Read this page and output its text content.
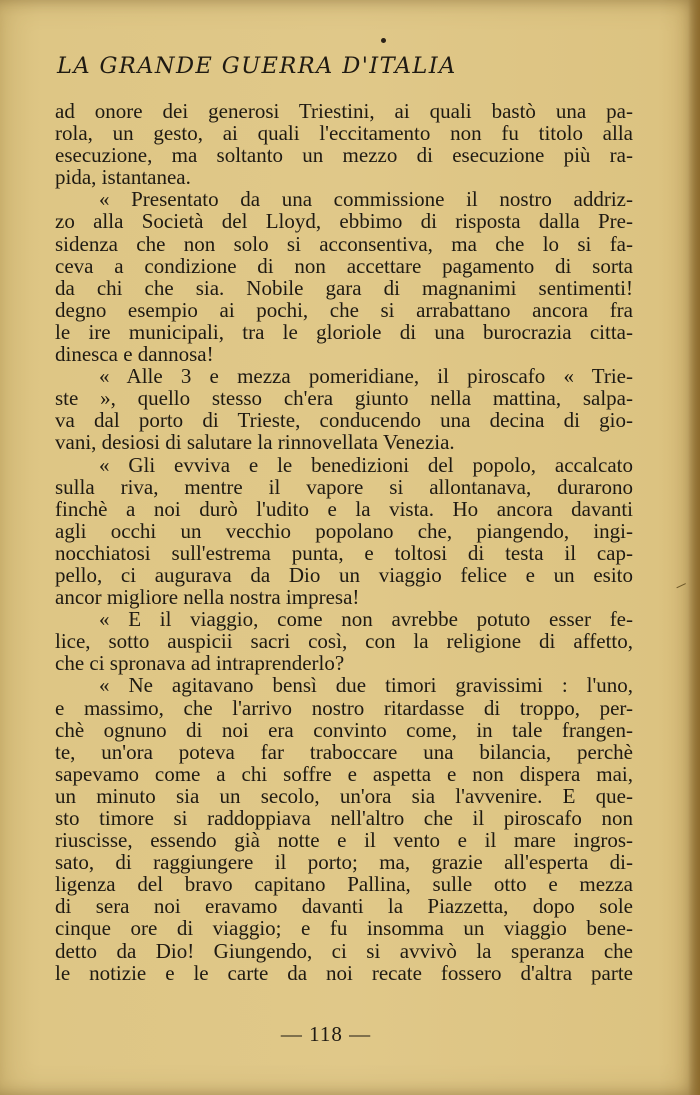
LA GRANDE GUERRA D'ITALIA
ad onore dei generosi Triestini, ai quali bastò una pa-
rola, un gesto, ai quali l'eccitamento non fu titolo alla
esecuzione, ma soltanto un mezzo di esecuzione più ra-
pida, istantanea.
« Presentato da una commissione il nostro addriz-
zo alla Società del Lloyd, ebbimo di risposta dalla Pre-
sidenza che non solo si acconsentiva, ma che lo si fa-
ceva a condizione di non accettare pagamento di sorta
da chi che sia. Nobile gara di magnanimi sentimenti!
degno esempio ai pochi, che si arrabattano ancora fra
le ire municipali, tra le gloriole di una burocrazia citta-
dinesca e dannosa!
« Alle 3 e mezza pomeridiane, il piroscafo « Trie-
ste », quello stesso ch'era giunto nella mattina, salpa-
va dal porto di Trieste, conducendo una decina di gio-
vani, desiosi di salutare la rinnovellata Venezia.
« Gli evviva e le benedizioni del popolo, accalcato
sulla riva, mentre il vapore si allontanava, durarono
finchè a noi durò l'udito e la vista. Ho ancora davanti
agli occhi un vecchio popolano che, piangendo, ingi-
nocchiatosi sull'estrema punta, e toltosi di testa il cap-
pello, ci augurava da Dio un viaggio felice e un esito
ancor migliore nella nostra impresa!
« E il viaggio, come non avrebbe potuto esser fe-
lice, sotto auspicii sacri così, con la religione di affetto,
che ci spronava ad intraprenderlo?
« Ne agitavano bensì due timori gravissimi : l'uno,
e massimo, che l'arrivo nostro ritardasse di troppo, per-
chè ognuno di noi era convinto come, in tale frangen-
te, un'ora poteva far traboccare una bilancia, perchè
sapevamo come a chi soffre e aspetta e non dispera mai,
un minuto sia un secolo, un'ora sia l'avvenire. E que-
sto timore si raddoppiava nell'altro che il piroscafo non
riuscisse, essendo già notte e il vento e il mare ingros-
sato, di raggiungere il porto; ma, grazie all'esperta di-
ligenza del bravo capitano Pallina, sulle otto e mezza
di sera noi eravamo davanti la Piazzetta, dopo sole
cinque ore di viaggio; e fu insomma un viaggio bene-
detto da Dio! Giungendo, ci si avvivò la speranza che
le notizie e le carte da noi recate fossero d'altra parte
— 118 —
